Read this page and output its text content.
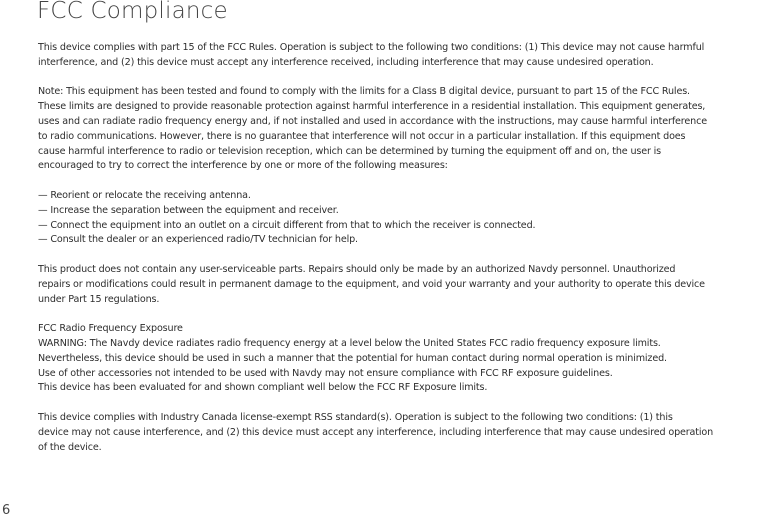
FCC Compliance
This device complies with part 15 of the FCC Rules. Operation is subject to the following two conditions: (1) This device may not cause harmful
interference, and (2) this device must accept any interference received, including interference that may cause undesired operation.
Note: This equipment has been tested and found to comply with the limits for a Class B digital device, pursuant to part 15 of the FCC Rules.
These limits are designed to provide reasonable protection against harmful interference in a residential installation. This equipment generates,
uses and can radiate radio frequency energy and, if not installed and used in accordance with the instructions, may cause harmful interference
to radio communications. However, there is no guarantee that interference will not occur in a particular installation. If this equipment does
cause harmful interference to radio or television reception, which can be determined by turning the equipment off and on, the user is
encouraged to try to correct the interference by one or more of the following measures:
— Reorient or relocate the receiving antenna.
— Increase the separation between the equipment and receiver.
— Connect the equipment into an outlet on a circuit different from that to which the receiver is connected.
— Consult the dealer or an experienced radio/TV technician for help.
This product does not contain any user-serviceable parts. Repairs should only be made by an authorized Navdy personnel. Unauthorized
repairs or modifications could result in permanent damage to the equipment, and void your warranty and your authority to operate this device
under Part 15 regulations.
FCC Radio Frequency Exposure
WARNING: The Navdy device radiates radio frequency energy at a level below the United States FCC radio frequency exposure limits.
Nevertheless, this device should be used in such a manner that the potential for human contact during normal operation is minimized.
Use of other accessories not intended to be used with Navdy may not ensure compliance with FCC RF exposure guidelines.
This device has been evaluated for and shown compliant well below the FCC RF Exposure limits.
This device complies with Industry Canada license-exempt RSS standard(s). Operation is subject to the following two conditions: (1) this
device may not cause interference, and (2) this device must accept any interference, including interference that may cause undesired operation
of the device.
6
